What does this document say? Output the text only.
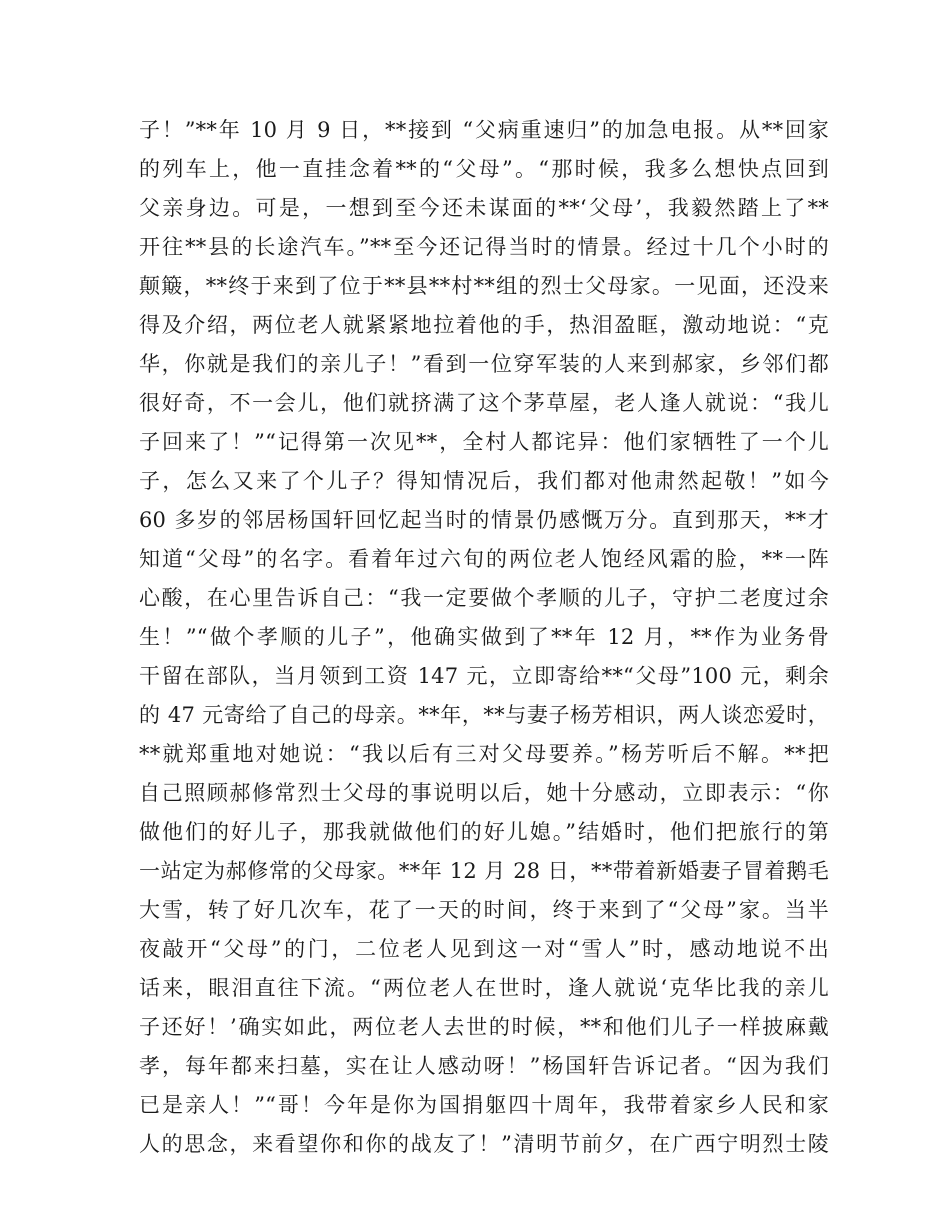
子！”**年 10 月 9 日，**接到 “父病重速归”的加急电报。从**回家
的列车上，他一直挂念着**的“父母”。“那时候，我多么想快点回到
父亲身边。可是，一想到至今还未谋面的**‘父母’，我毅然踏上了**
开往**县的长途汽车。”**至今还记得当时的情景。经过十几个小时的
颠簸，**终于来到了位于**县**村**组的烈士父母家。一见面，还没来
得及介绍，两位老人就紧紧地拉着他的手，热泪盈眶，激动地说：“克
华，你就是我们的亲儿子！”看到一位穿军装的人来到郝家，乡邻们都
很好奇，不一会儿，他们就挤满了这个茅草屋，老人逢人就说：“我儿
子回来了！”“记得第一次见**，全村人都诧异：他们家牺牲了一个儿
子，怎么又来了个儿子？得知情况后，我们都对他肃然起敬！”如今
60 多岁的邻居杨国轩回忆起当时的情景仍感慨万分。直到那天，**才
知道“父母”的名字。看着年过六旬的两位老人饱经风霜的脸，**一阵
心酸，在心里告诉自己：“我一定要做个孝顺的儿子，守护二老度过余
生！”“做个孝顺的儿子”，他确实做到了**年 12 月，**作为业务骨
干留在部队，当月领到工资 147 元，立即寄给**“父母”100 元，剩余
的 47 元寄给了自己的母亲。**年，**与妻子杨芳相识，两人谈恋爱时，
**就郑重地对她说：“我以后有三对父母要养。”杨芳听后不解。**把
自己照顾郝修常烈士父母的事说明以后，她十分感动，立即表示：“你
做他们的好儿子，那我就做他们的好儿媳。”结婚时，他们把旅行的第
一站定为郝修常的父母家。**年 12 月 28 日，**带着新婚妻子冒着鹅毛
大雪，转了好几次车，花了一天的时间，终于来到了“父母”家。当半
夜敲开“父母”的门，二位老人见到这一对“雪人”时，感动地说不出
话来，眼泪直往下流。“两位老人在世时，逢人就说‘克华比我的亲儿
子还好！’确实如此，两位老人去世的时候，**和他们儿子一样披麻戴
孝，每年都来扫墓，实在让人感动呀！”杨国轩告诉记者。“因为我们
已是亲人！”“哥！今年是你为国捐躯四十周年，我带着家乡人民和家
人的思念，来看望你和你的战友了！”清明节前夕，在广西宁明烈士陵
